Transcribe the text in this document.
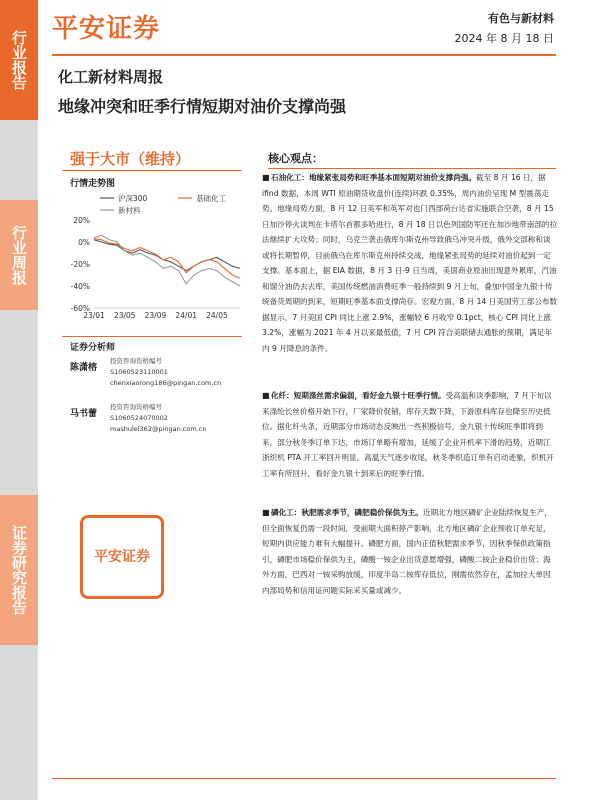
行业报告
行业周报
证券研究报告
平安证券	有色与新材料
2024 年 8 月 18 日
化工新材料周报
地缘冲突和旺季行情短期对油价支撑尚强
强于大市（维持）
行情走势图
20%
0%
-20%
-40%
-60%
23/01 23/05 23/09 24/01 24/05
沪深300	基础化工
新材料
证券分析师
陈潇榕
投资咨询资格编号
S1060523110001
chenxiaorong186@pingan.com.cn
马书蕾
投资咨询资格编号
S1060524070002
mashulei362@pingan.com.cn
平安证券
核心观点：
■石油化工：地缘紧张局势和旺季基本面短期对油价支撑尚强。截至 8 月 16 日，据 ifind 数据，本周 WTI 原油期货收盘价(连续)环跌 0.35%，周内油价呈现 M 型震荡走势。地缘局势方面，8 月 12 日美军和英军对也门西部荷台达省实施联合空袭，8 月 15 日加沙停火谈判在卡塔尔首都多哈进行，8 月 18 日以色列国防军还在加沙地带南部的拉法继续扩大攻势；同时，乌克兰袭击俄库尔斯克州导致俄乌冲突升级，俄外交部称和谈或将长期暂停，目前俄乌在库尔斯克州持续交战，地缘紧张局势的延续对油价起到一定支撑。基本面上，据 EIA 数据，8 月 3 日-9 日当周，美国商业原油出现意外累库，汽油和馏分油仍去去库，美国传统燃油消费旺季一般持续到 9 月上旬，叠加中国金九银十传统备货周期的到来，短期旺季基本面支撑尚存。宏观方面，8 月 14 日美国劳工部公布数据显示，7 月美国 CPI 同比上涨 2.9%，涨幅较 6 月收窄 0.1pct，核心 CPI 同比上涨 3.2%，涨幅为 2021 年 4 月以来最低值，7 月 CPI 符合美联储去通胀的预期，满足年内 9 月降息的条件。
■化纤：短期涤丝需求偏弱，看好金九银十旺季行情。受高温和淡季影响，7 月下旬以来涤纶长丝价格开始下行，厂家降价促销，库存天数下降，下游原料库存也降至历史低位。据化纤头条，近期部分市场动态反映出一些积极信号，金九银十传统旺季即将到来，部分秋冬季订单下达，市场订单略有增加，延缓了企业开机率下滑的趋势，近期江浙织机 PTA 开工率回升明显。高温天气逐步收尾，秋冬季织造订单有启动迹象，织机开工率有所回升，看好金九银十到来后的旺季行情。
■磷化工：秋肥需求季节，磷肥稳价保供为主。近期北方地区磷矿企业陆续恢复生产，但全面恢复仍需一段时间，受前期大面积停产影响，北方地区磷矿企业预收订单充足，短期内供应能力难有大幅提升。磷肥方面，国内正值秋肥需求季节，因秋季保供政策指引，磷肥市场稳价保供为主，磷酸一铵企业出货意愿增强，磷酸二铵企业稳价出货；海外方面，巴西对一铵采购放缓，印度半岛二铵库存低位，刚需依然存在，孟加拉大单因内部局势和信用证问题实际采买量或减少。
